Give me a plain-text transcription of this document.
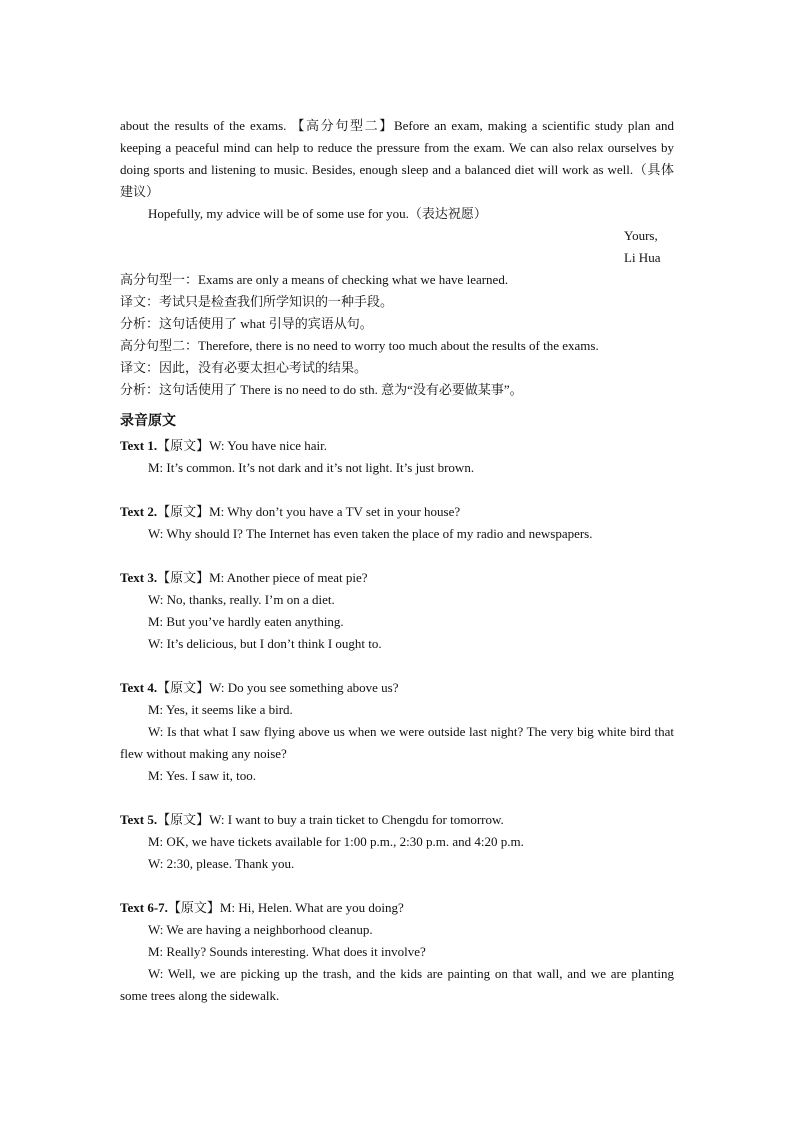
about the results of the exams. 【高分句型二】Before an exam, making a scientific study plan and keeping a peaceful mind can help to reduce the pressure from the exam. We can also relax ourselves by doing sports and listening to music. Besides, enough sleep and a balanced diet will work as well.（具体建议）

Hopefully, my advice will be of some use for you.（表达祝愿）

Yours,

Li Hua

高分句型一：Exams are only a means of checking what we have learned.

译文：考试只是检查我们所学知识的一种手段。

分析：这句话使用了 what 引导的宾语从句。

高分句型二：Therefore, there is no need to worry too much about the results of the exams.

译文：因此，没有必要太担心考试的结果。

分析：这句话使用了 There is no need to do sth. 意为“没有必要做某事”。

录音原文

Text 1.【原文】W: You have nice hair.

M: It’s common. It’s not dark and it’s not light. It’s just brown.

Text 2.【原文】M: Why don’t you have a TV set in your house?

W: Why should I? The Internet has even taken the place of my radio and newspapers.

Text 3.【原文】M: Another piece of meat pie?

W: No, thanks, really. I’m on a diet.

M: But you’ve hardly eaten anything.

W: It’s delicious, but I don’t think I ought to.

Text 4.【原文】W: Do you see something above us?

M: Yes, it seems like a bird.

W: Is that what I saw flying above us when we were outside last night? The very big white bird that flew without making any noise?

M: Yes. I saw it, too.

Text 5.【原文】W: I want to buy a train ticket to Chengdu for tomorrow.

M: OK, we have tickets available for 1:00 p.m., 2:30 p.m. and 4:20 p.m.

W: 2:30, please. Thank you.

Text 6-7.【原文】M: Hi, Helen. What are you doing?

W: We are having a neighborhood cleanup.

M: Really? Sounds interesting. What does it involve?

W: Well, we are picking up the trash, and the kids are painting on that wall, and we are planting some trees along the sidewalk.
